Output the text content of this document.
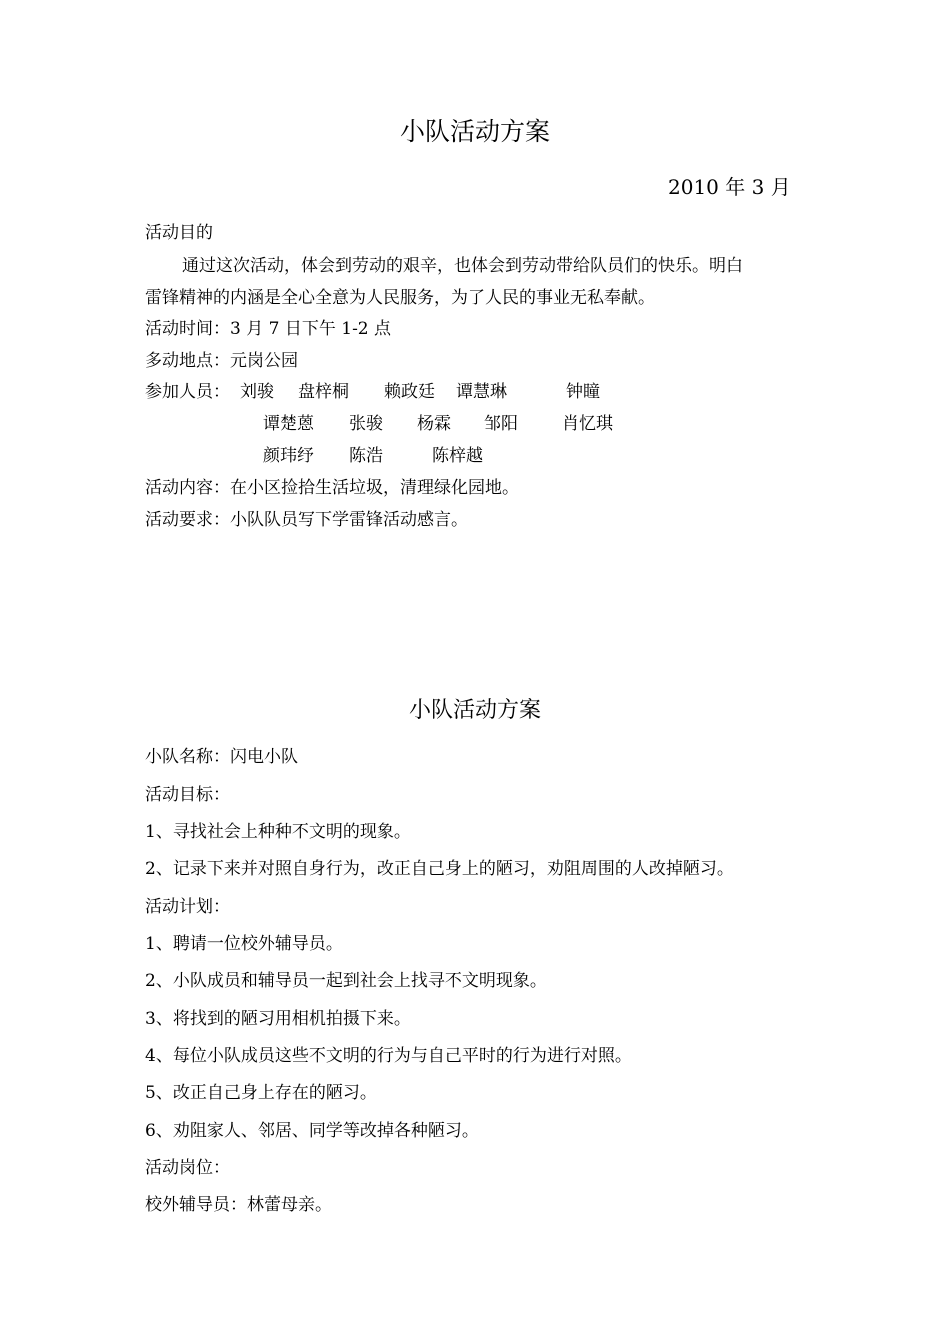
小队活动方案
2010 年 3 月
活动目的
通过这次活动，体会到劳动的艰辛，也体会到劳动带给队员们的快乐。明白
雷锋精神的内涵是全心全意为人民服务，为了人民的事业无私奉献。
活动时间：3 月 7 日下午 1-2 点
多动地点：元岗公园
参加人员： 刘骏 盘梓桐 赖政廷 谭慧琳	钟瞳
谭楚蒽 张骏 杨霖 邹阳	肖忆琪
颜玮纾 陈浩	陈梓越
活动内容：在小区捡拾生活垃圾，清理绿化园地。
活动要求：小队队员写下学雷锋活动感言。
小队活动方案
小队名称：闪电小队
活动目标：
1、寻找社会上种种不文明的现象。
2、记录下来并对照自身行为，改正自己身上的陋习，劝阻周围的人改掉陋习。
活动计划：
1、聘请一位校外辅导员。
2、小队成员和辅导员一起到社会上找寻不文明现象。
3、将找到的陋习用相机拍摄下来。
4、每位小队成员这些不文明的行为与自己平时的行为进行对照。
5、改正自己身上存在的陋习。
6、劝阻家人、邻居、同学等改掉各种陋习。
活动岗位：
校外辅导员：林蕾母亲。
